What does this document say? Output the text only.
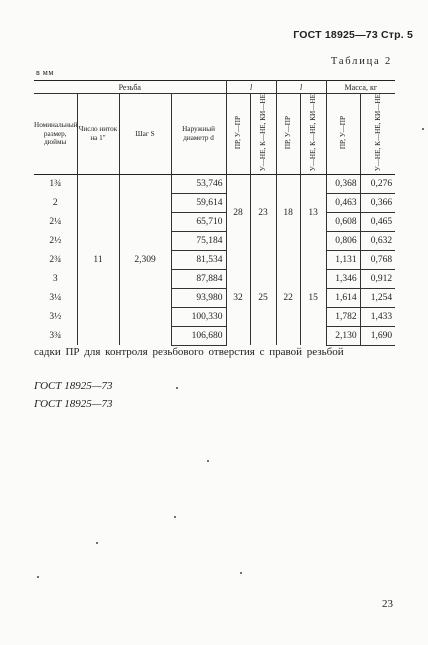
ГОСТ 18925—73 Стр. 5
Таблица 2
в мм
Резьба				l		l		Масса, кг	
Номинальный размер, дюймы	Число ниток на 1"	Шаг S	Наружный диаметр d	ПР, У—ПР	У—НЕ, К—НЕ, КИ—НЕ	ПР, У—ПР	У—НЕ, К—НЕ, КИ—НЕ	ПР, У—ПР	У—НЕ, К—НЕ, КИ—НЕ
1¾	11	2,309	53,746	28	23	18	13	0,368	0,276
2			59,614					0,463	0,366
2¼			65,710					0,608	0,465
2½			75,184					0,806	0,632
2¾			81,534	32	25	22	15	1,131	0,768
3			87,884					1,346	0,912
3¼			93,980					1,614	1,254
3½			100,330					1,782	1,433
3¾			106,680					2,130	1,690
садки ПР для контроля резьбового отверстия с правой резьбой
ГОСТ 18925—73
ГОСТ 18925—73
23
